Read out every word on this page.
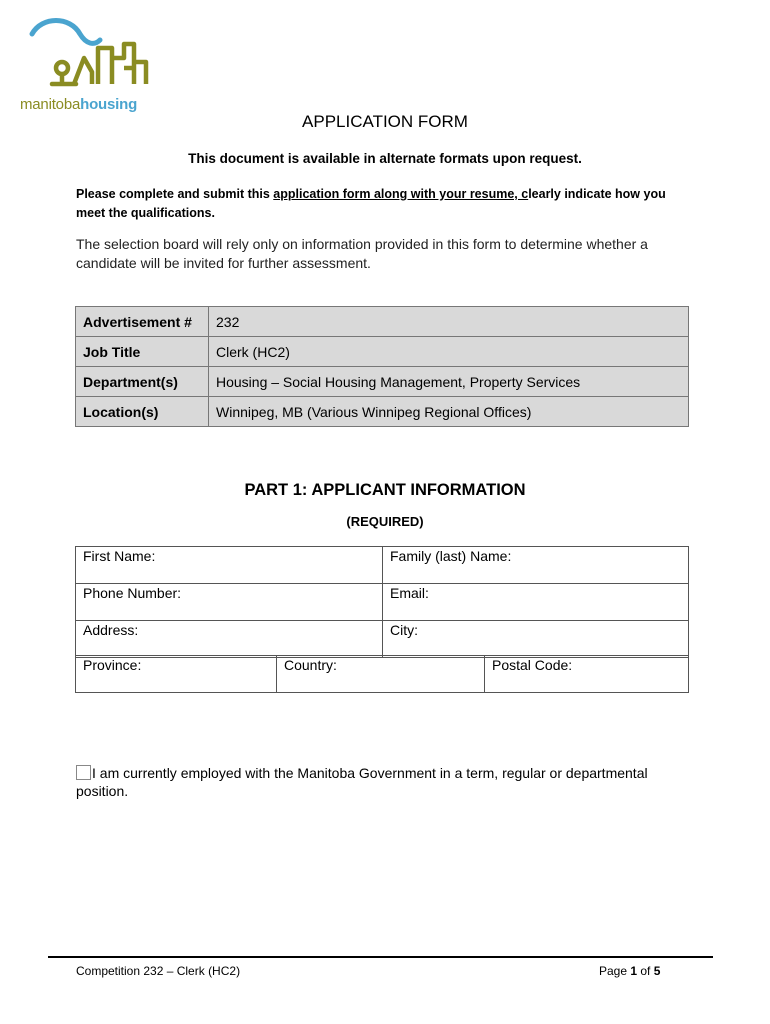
manitobahousing
APPLICATION FORM
This document is available in alternate formats upon request.
Please complete and submit this application form along with your resume, clearly indicate how you meet the qualifications.
The selection board will rely only on information provided in this form to determine whether a candidate will be invited for further assessment.
Advertisement #	232
Job Title	Clerk (HC2)
Department(s)	Housing – Social Housing Management, Property Services
Location(s)	Winnipeg, MB (Various Winnipeg Regional Offices)
PART 1: APPLICANT INFORMATION
(REQUIRED)
First Name:	Family (last) Name:
Phone Number:	Email:
Address:	City:
Province:	Country:	Postal Code:
I am currently employed with the Manitoba Government in a term, regular or departmental position.
Competition 232 – Clerk (HC2)	Page 1 of 5
